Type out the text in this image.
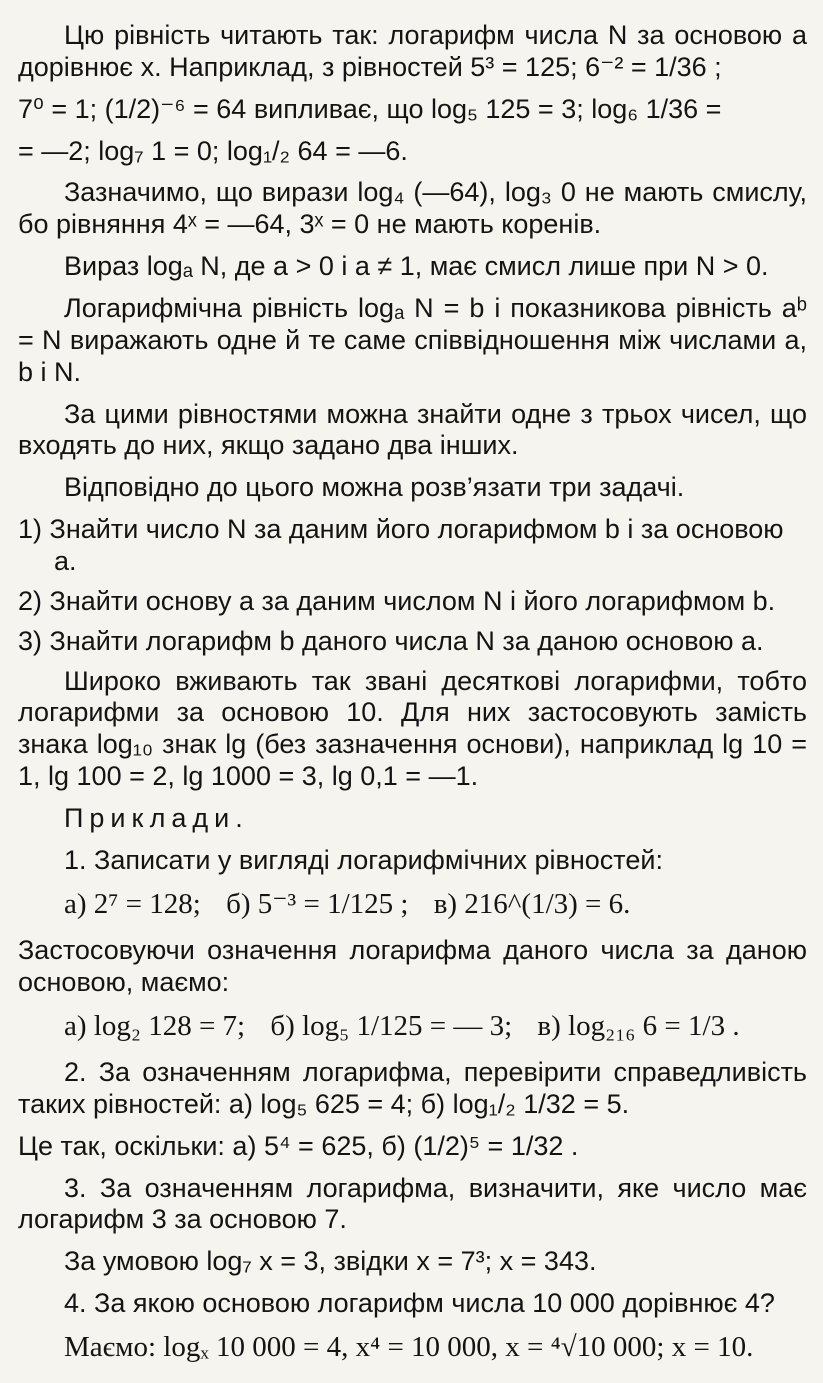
Цю рівність читають так: логарифм числа N за основою a дорівнює x. Наприклад, з рівностей 5³ = 125; 6⁻² = 1/36 ;

7⁰ = 1; (1/2)⁻⁶ = 64 випливає, що log₅ 125 = 3; log₆ 1/36 =

= —2; log₇ 1 = 0; log₁/₂ 64 = —6.

Зазначимо, що вирази log₄ (—64), log₃ 0 не мають смислу, бо рівняння 4ˣ = —64, 3ˣ = 0 не мають коренів.

Вираз logₐ N, де a > 0 і a ≠ 1, має смисл лише при N > 0.

Логарифмічна рівність logₐ N = b і показникова рівність aᵇ = N виражають одне й те саме співвідношення між числами a, b і N.

За цими рівностями можна знайти одне з трьох чисел, що входять до них, якщо задано два інших.

Відповідно до цього можна розв’язати три задачі.

1) Знайти число N за даним його логарифмом b і за основою a.

2) Знайти основу a за даним числом N і його логарифмом b.

3) Знайти логарифм b даного числа N за даною основою a.

Широко вживають так звані десяткові логарифми, тобто логарифми за основою 10. Для них застосовують замість знака log₁₀ знак lg (без зазначення основи), наприклад lg 10 = 1, lg 100 = 2, lg 1000 = 3, lg 0,1 = —1.

Приклади.

1. Записати у вигляді логарифмічних рівностей:

а) 2⁷ = 128; б) 5⁻³ = 1/125 ; в) 216^(1/3) = 6.

Застосовуючи означення логарифма даного числа за даною основою, маємо:

а) log₂ 128 = 7; б) log₅ 1/125 = — 3; в) log₂₁₆ 6 = 1/3 .

2. За означенням логарифма, перевірити справедливість таких рівностей: а) log₅ 625 = 4; б) log₁/₂ 1/32 = 5.

Це так, оскільки: а) 5⁴ = 625, б) (1/2)⁵ = 1/32 .

3. За означенням логарифма, визначити, яке число має логарифм 3 за основою 7.

За умовою log₇ x = 3, звідки x = 7³; x = 343.

4. За якою основою логарифм числа 10 000 дорівнює 4?

Маємо: logₓ 10 000 = 4, x⁴ = 10 000, x = ⁴√10 000; x = 10.
